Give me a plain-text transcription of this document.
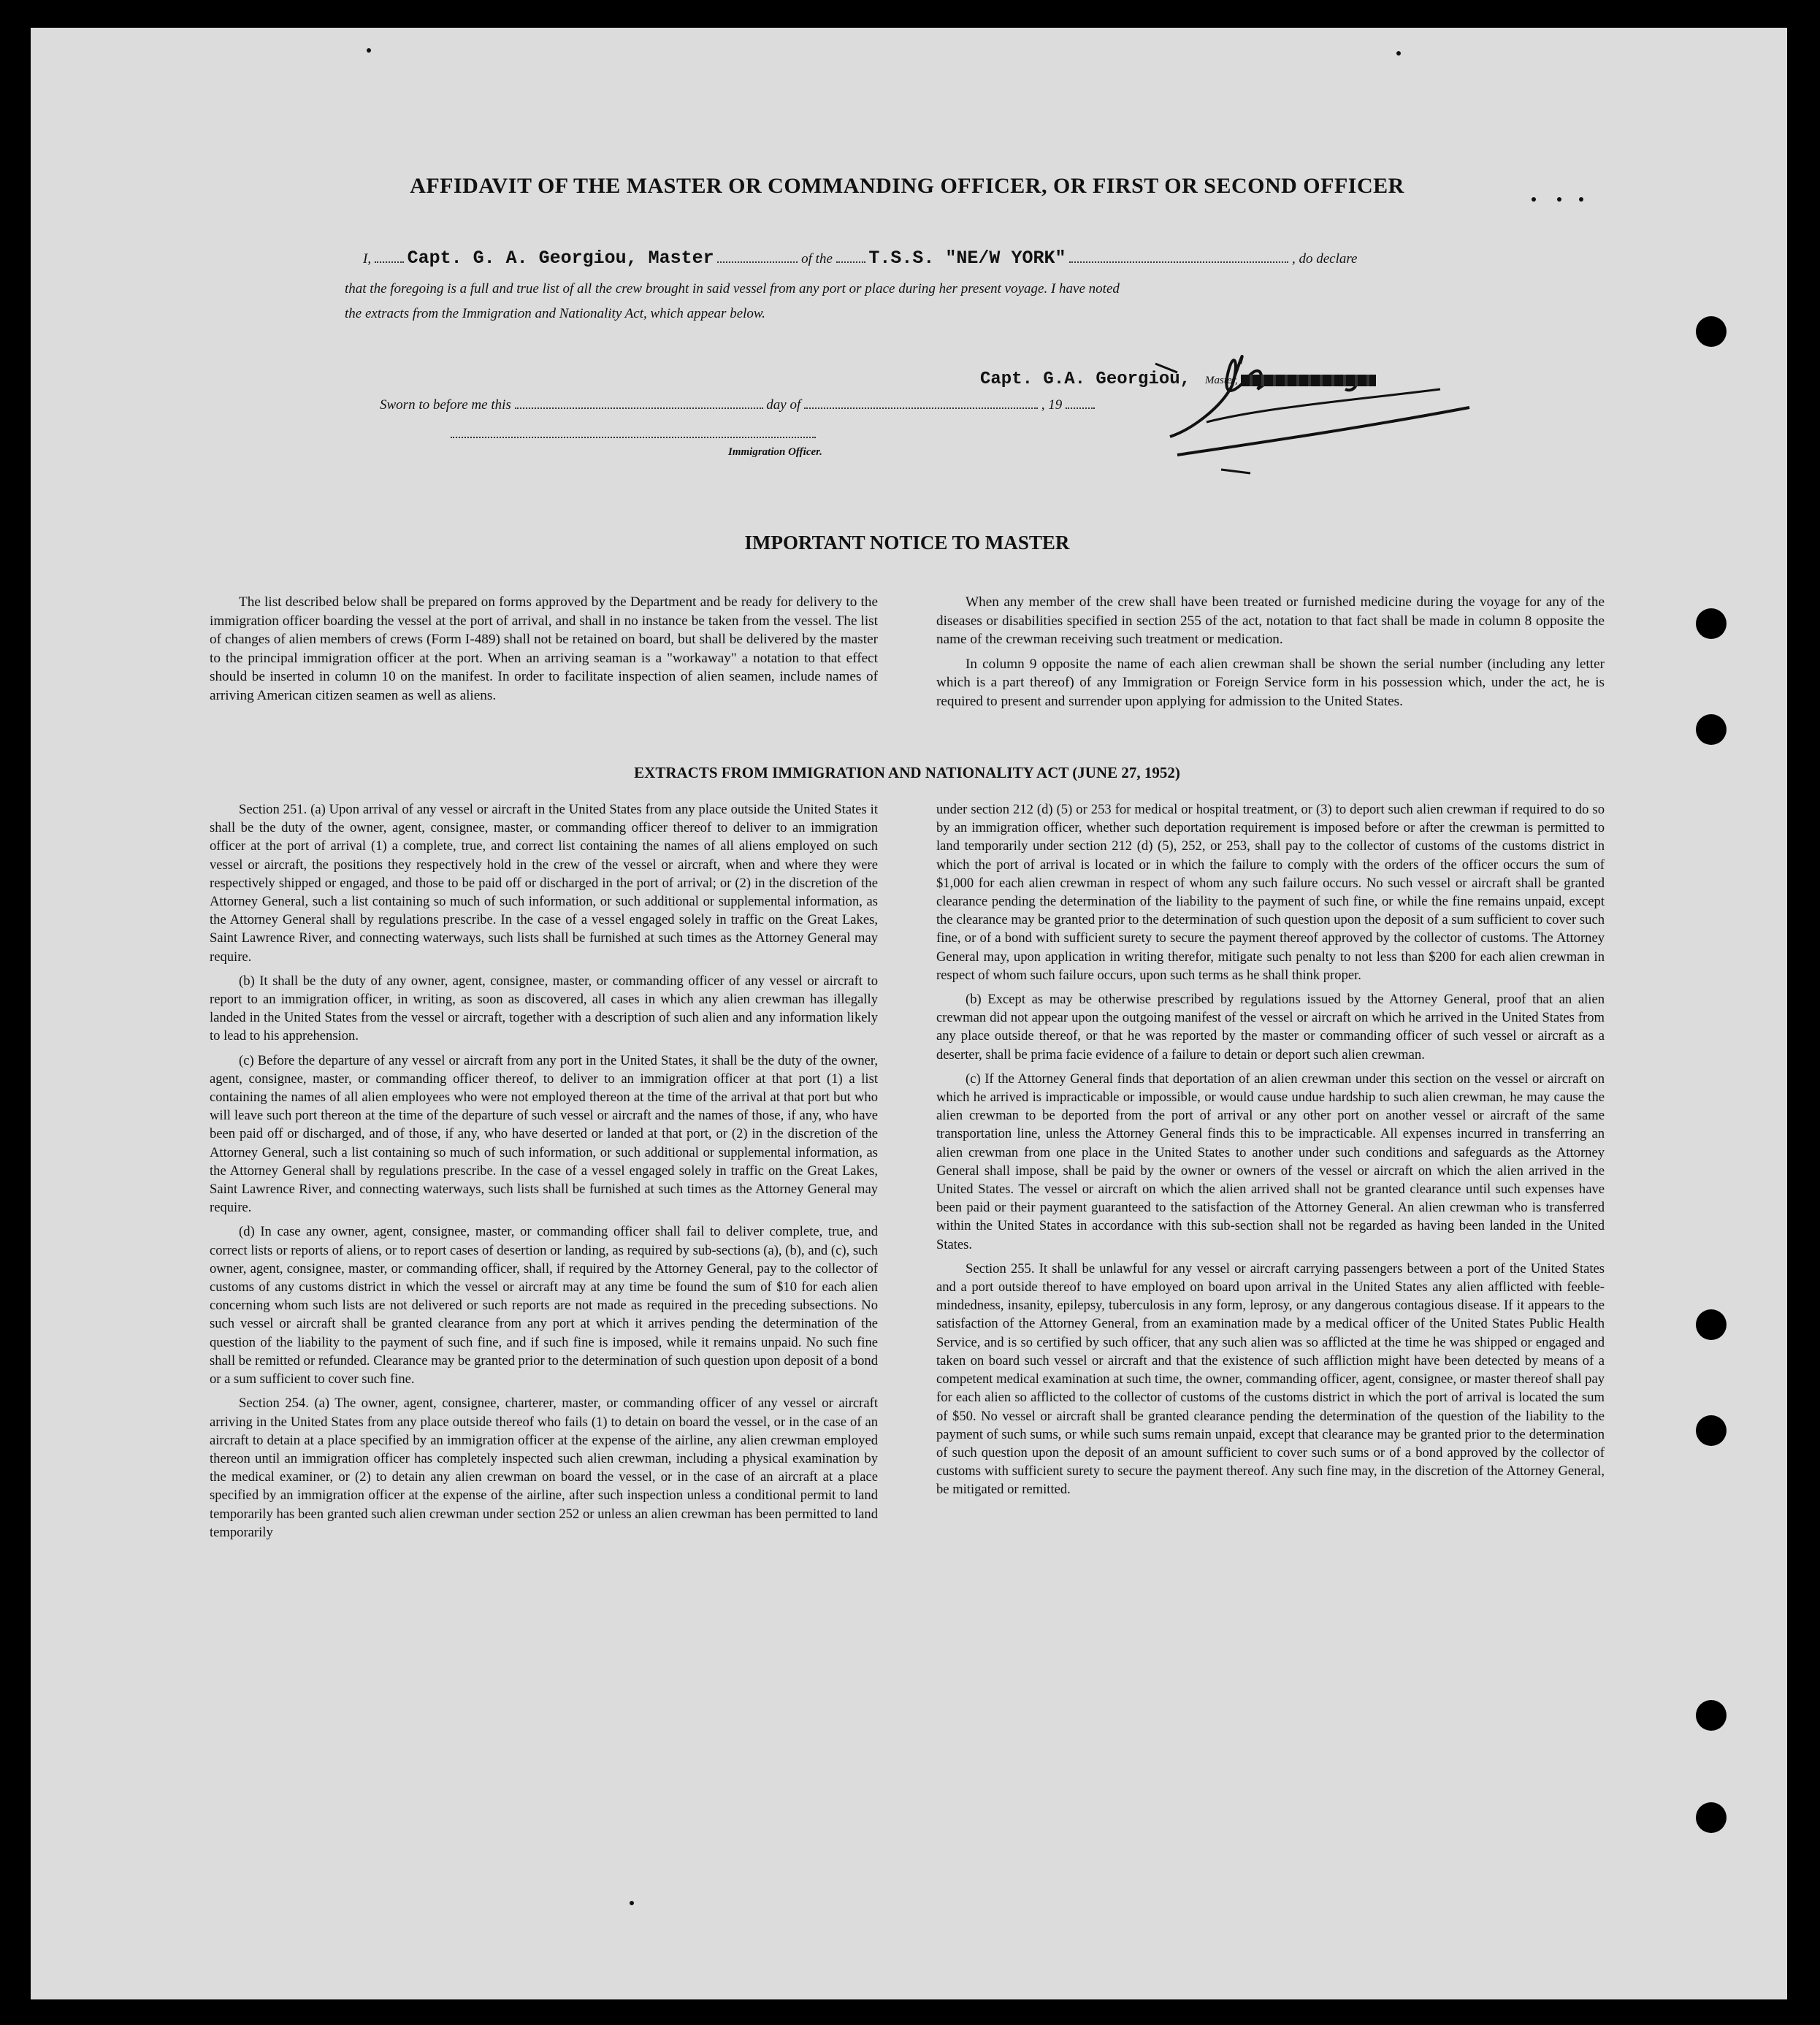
AFFIDAVIT OF THE MASTER OR COMMANDING OFFICER, OR FIRST OR SECOND OFFICER
I, Capt. G. A. Georgiou, Master	of the T.S.S. "NE/W YORK"	, do declare
that the foregoing is a full and true list of all the crew brought in said vessel from any port or place during her present voyage. I have noted
the extracts from the Immigration and Nationality Act, which appear below.
Capt. G.A. Georgiou, Master,
Sworn to before me this	day of	, 19
Immigration Officer.
IMPORTANT NOTICE TO MASTER

The list described below shall be prepared on forms approved by the Department and be ready for delivery to the immigration officer boarding the vessel at the port of arrival, and shall in no instance be taken from the vessel. The list of changes of alien members of crews (Form I-489) shall not be retained on board, but shall be delivered by the master to the principal immigration officer at the port. When an arriving seaman is a "workaway" a notation to that effect should be inserted in column 10 on the manifest. In order to facilitate inspection of alien seamen, include names of arriving American citizen seamen as well as aliens.

When any member of the crew shall have been treated or furnished medicine during the voyage for any of the diseases or disabilities specified in section 255 of the act, notation to that fact shall be made in column 8 opposite the name of the crewman receiving such treatment or medication.

In column 9 opposite the name of each alien crewman shall be shown the serial number (including any letter which is a part thereof) of any Immigration or Foreign Service form in his possession which, under the act, he is required to present and surrender upon applying for admission to the United States.

EXTRACTS FROM IMMIGRATION AND NATIONALITY ACT (JUNE 27, 1952)

Section 251. (a) Upon arrival of any vessel or aircraft in the United States from any place outside the United States it shall be the duty of the owner, agent, consignee, master, or commanding officer thereof to deliver to an immigration officer at the port of arrival (1) a complete, true, and correct list containing the names of all aliens employed on such vessel or aircraft, the positions they respectively hold in the crew of the vessel or aircraft, when and where they were respectively shipped or engaged, and those to be paid off or discharged in the port of arrival; or (2) in the discretion of the Attorney General, such a list containing so much of such information, or such additional or supplemental information, as the Attorney General shall by regulations prescribe. In the case of a vessel engaged solely in traffic on the Great Lakes, Saint Lawrence River, and connecting waterways, such lists shall be furnished at such times as the Attorney General may require.

(b) It shall be the duty of any owner, agent, consignee, master, or commanding officer of any vessel or aircraft to report to an immigration officer, in writing, as soon as discovered, all cases in which any alien crewman has illegally landed in the United States from the vessel or aircraft, together with a description of such alien and any information likely to lead to his apprehension.

(c) Before the departure of any vessel or aircraft from any port in the United States, it shall be the duty of the owner, agent, consignee, master, or commanding officer thereof, to deliver to an immigration officer at that port (1) a list containing the names of all alien employees who were not employed thereon at the time of the arrival at that port but who will leave such port thereon at the time of the departure of such vessel or aircraft and the names of those, if any, who have been paid off or discharged, and of those, if any, who have deserted or landed at that port, or (2) in the discretion of the Attorney General, such a list containing so much of such information, or such additional or supplemental information, as the Attorney General shall by regulations prescribe. In the case of a vessel engaged solely in traffic on the Great Lakes, Saint Lawrence River, and connecting waterways, such lists shall be furnished at such times as the Attorney General may require.

(d) In case any owner, agent, consignee, master, or commanding officer shall fail to deliver complete, true, and correct lists or reports of aliens, or to report cases of desertion or landing, as required by sub-sections (a), (b), and (c), such owner, agent, consignee, master, or commanding officer, shall, if required by the Attorney General, pay to the collector of customs of any customs district in which the vessel or aircraft may at any time be found the sum of $10 for each alien concerning whom such lists are not delivered or such reports are not made as required in the preceding subsections. No such vessel or aircraft shall be granted clearance from any port at which it arrives pending the determination of the question of the liability to the payment of such fine, and if such fine is imposed, while it remains unpaid. No such fine shall be remitted or refunded. Clearance may be granted prior to the determination of such question upon deposit of a bond or a sum sufficient to cover such fine.

Section 254. (a) The owner, agent, consignee, charterer, master, or commanding officer of any vessel or aircraft arriving in the United States from any place outside thereof who fails (1) to detain on board the vessel, or in the case of an aircraft to detain at a place specified by an immigration officer at the expense of the airline, any alien crewman employed thereon until an immigration officer has completely inspected such alien crewman, including a physical examination by the medical examiner, or (2) to detain any alien crewman on board the vessel, or in the case of an aircraft at a place specified by an immigration officer at the expense of the airline, after such inspection unless a conditional permit to land temporarily has been granted such alien crewman under section 252 or unless an alien crewman has been permitted to land temporarily

under section 212 (d) (5) or 253 for medical or hospital treatment, or (3) to deport such alien crewman if required to do so by an immigration officer, whether such deportation requirement is imposed before or after the crewman is permitted to land temporarily under section 212 (d) (5), 252, or 253, shall pay to the collector of customs of the customs district in which the port of arrival is located or in which the failure to comply with the orders of the officer occurs the sum of $1,000 for each alien crewman in respect of whom any such failure occurs. No such vessel or aircraft shall be granted clearance pending the determination of the liability to the payment of such fine, or while the fine remains unpaid, except the clearance may be granted prior to the determination of such question upon the deposit of a sum sufficient to cover such fine, or of a bond with sufficient surety to secure the payment thereof approved by the collector of customs. The Attorney General may, upon application in writing therefor, mitigate such penalty to not less than $200 for each alien crewman in respect of whom such failure occurs, upon such terms as he shall think proper.

(b) Except as may be otherwise prescribed by regulations issued by the Attorney General, proof that an alien crewman did not appear upon the outgoing manifest of the vessel or aircraft on which he arrived in the United States from any place outside thereof, or that he was reported by the master or commanding officer of such vessel or aircraft as a deserter, shall be prima facie evidence of a failure to detain or deport such alien crewman.

(c) If the Attorney General finds that deportation of an alien crewman under this section on the vessel or aircraft on which he arrived is impracticable or impossible, or would cause undue hardship to such alien crewman, he may cause the alien crewman to be deported from the port of arrival or any other port on another vessel or aircraft of the same transportation line, unless the Attorney General finds this to be impracticable. All expenses incurred in transferring an alien crewman from one place in the United States to another under such conditions and safeguards as the Attorney General shall impose, shall be paid by the owner or owners of the vessel or aircraft on which the alien arrived in the United States. The vessel or aircraft on which the alien arrived shall not be granted clearance until such expenses have been paid or their payment guaranteed to the satisfaction of the Attorney General. An alien crewman who is transferred within the United States in accordance with this sub-section shall not be regarded as having been landed in the United States.

Section 255. It shall be unlawful for any vessel or aircraft carrying passengers between a port of the United States and a port outside thereof to have employed on board upon arrival in the United States any alien afflicted with feeble-mindedness, insanity, epilepsy, tuberculosis in any form, leprosy, or any dangerous contagious disease. If it appears to the satisfaction of the Attorney General, from an examination made by a medical officer of the United States Public Health Service, and is so certified by such officer, that any such alien was so afflicted at the time he was shipped or engaged and taken on board such vessel or aircraft and that the existence of such affliction might have been detected by means of a competent medical examination at such time, the owner, commanding officer, agent, consignee, or master thereof shall pay for each alien so afflicted to the collector of customs of the customs district in which the port of arrival is located the sum of $50. No vessel or aircraft shall be granted clearance pending the determination of the question of the liability to the payment of such sums, or while such sums remain unpaid, except that clearance may be granted prior to the determination of such question upon the deposit of an amount sufficient to cover such sums or of a bond approved by the collector of customs with sufficient surety to secure the payment thereof. Any such fine may, in the discretion of the Attorney General, be mitigated or remitted.
